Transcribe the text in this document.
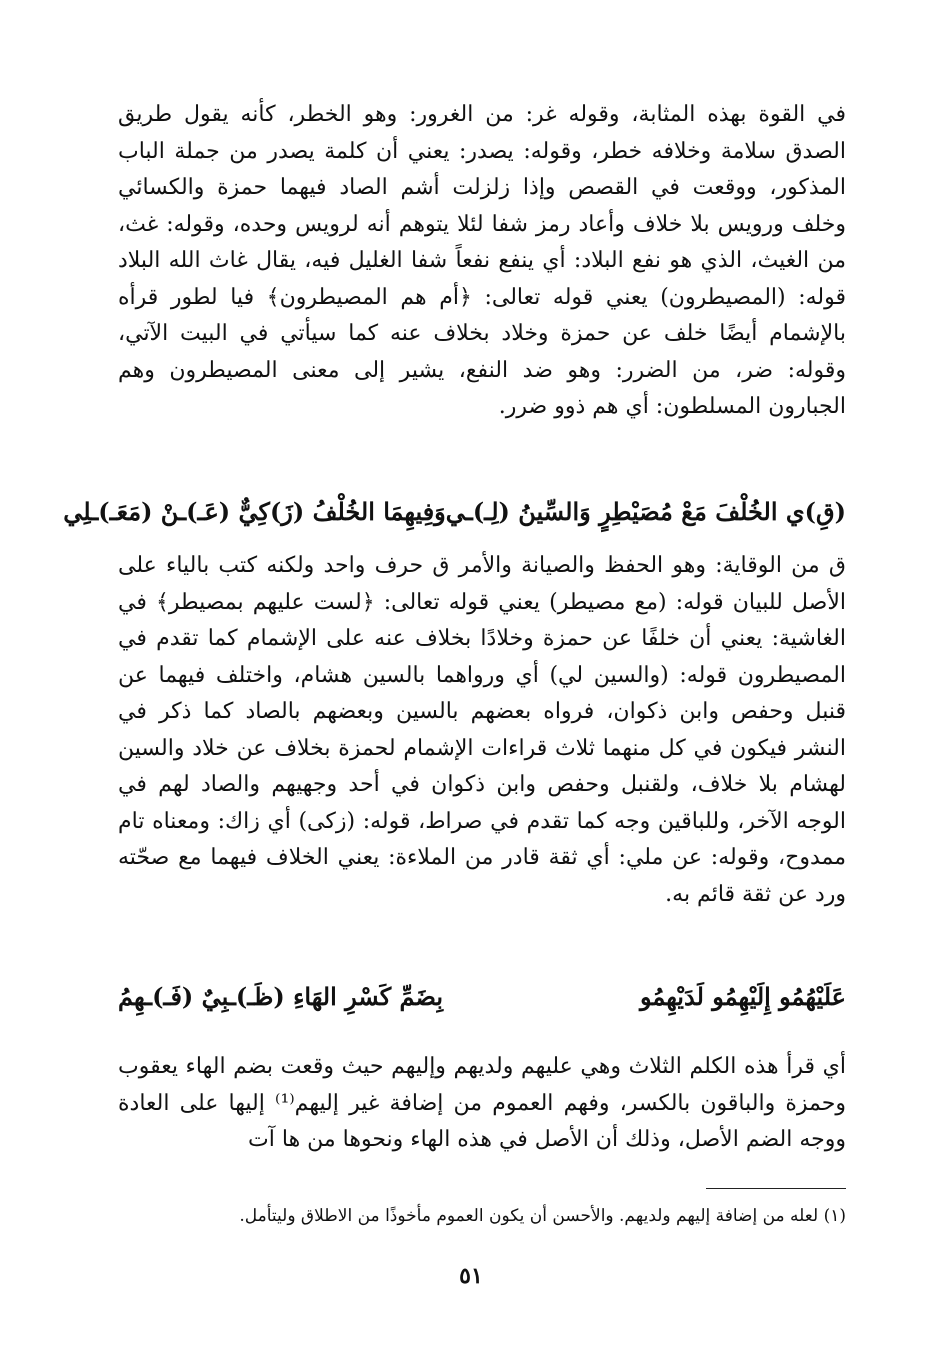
في القوة بهذه المثابة، وقوله غر: من الغرور: وهو الخطر، كأنه يقول طريق الصدق سلامة وخلافه خطر، وقوله: يصدر: يعني أن كلمة يصدر من جملة الباب المذكور، ووقعت في القصص وإذا زلزلت أشم الصاد فيهما حمزة والكسائي وخلف ورويس بلا خلاف وأعاد رمز شفا لئلا يتوهم أنه لرويس وحده، وقوله: غث، من الغيث، الذي هو نفع البلاد: أي ينفع نفعاً شفا الغليل فيه، يقال غاث الله البلاد قوله: (المصيطرون) يعني قوله تعالى: ﴿أم هم المصيطرون﴾ فيا لطور قرأه بالإشمام أيضًا خلف عن حمزة وخلاد بخلاف عنه كما سيأتي في البيت الآتي، وقوله: ضر، من الضرر: وهو ضد النفع، يشير إلى معنى المصيطرون وهم الجبارون المسلطون: أي هم ذوو ضرر.

(قِ)ي الخُلْفَ مَعْ مُصَيْطِرٍ وَالسِّينُ (لِـ)ـي
وَفِيهِمَا الخُلْفُ (زَ)كِيٌّ (عَـ)ـنْ (مَعَـ)ـلِي

ق من الوقاية: وهو الحفظ والصيانة والأمر ق حرف واحد ولكنه كتب بالياء على الأصل للبيان قوله: (مع مصيطر) يعني قوله تعالى: ﴿لست عليهم بمصيطر﴾ في الغاشية: يعني أن خلفًا عن حمزة وخلادًا بخلاف عنه على الإشمام كما تقدم في المصيطرون قوله: (والسين لي) أي ورواهما بالسين هشام، واختلف فيهما عن قنبل وحفص وابن ذكوان، فرواه بعضهم بالسين وبعضهم بالصاد كما ذكر في النشر فيكون في كل منهما ثلاث قراءات الإشمام لحمزة بخلاف عن خلاد والسين لهشام بلا خلاف، ولقنبل وحفص وابن ذكوان في أحد وجهيهم والصاد لهم في الوجه الآخر، وللباقين وجه كما تقدم في صراط، قوله: (زكى) أي زاك: ومعناه تام ممدوح، وقوله: عن ملي: أي ثقة قادر من الملاءة: يعني الخلاف فيهما مع صحّته ورد عن ثقة قائم به.

عَلَيْهُمُو إِلَيْهِمُو لَدَيْهِمُو
بِضَمِّ كَسْرِ الهَاءِ (ظَـ)ـبِيٌ (فَـ)ـهِمُ

أي قرأ هذه الكلم الثلاث وهي عليهم ولديهم وإليهم حيث وقعت بضم الهاء يعقوب وحمزة والباقون بالكسر، وفهم العموم من إضافة غير إليهم⁽¹⁾ إليها على العادة ووجه الضم الأصل، وذلك أن الأصل في هذه الهاء ونحوها من ها آت

(١) لعله من إضافة إليهم ولديهم. والأحسن أن يكون العموم مأخوذًا من الاطلاق وليتأمل.

٥١
